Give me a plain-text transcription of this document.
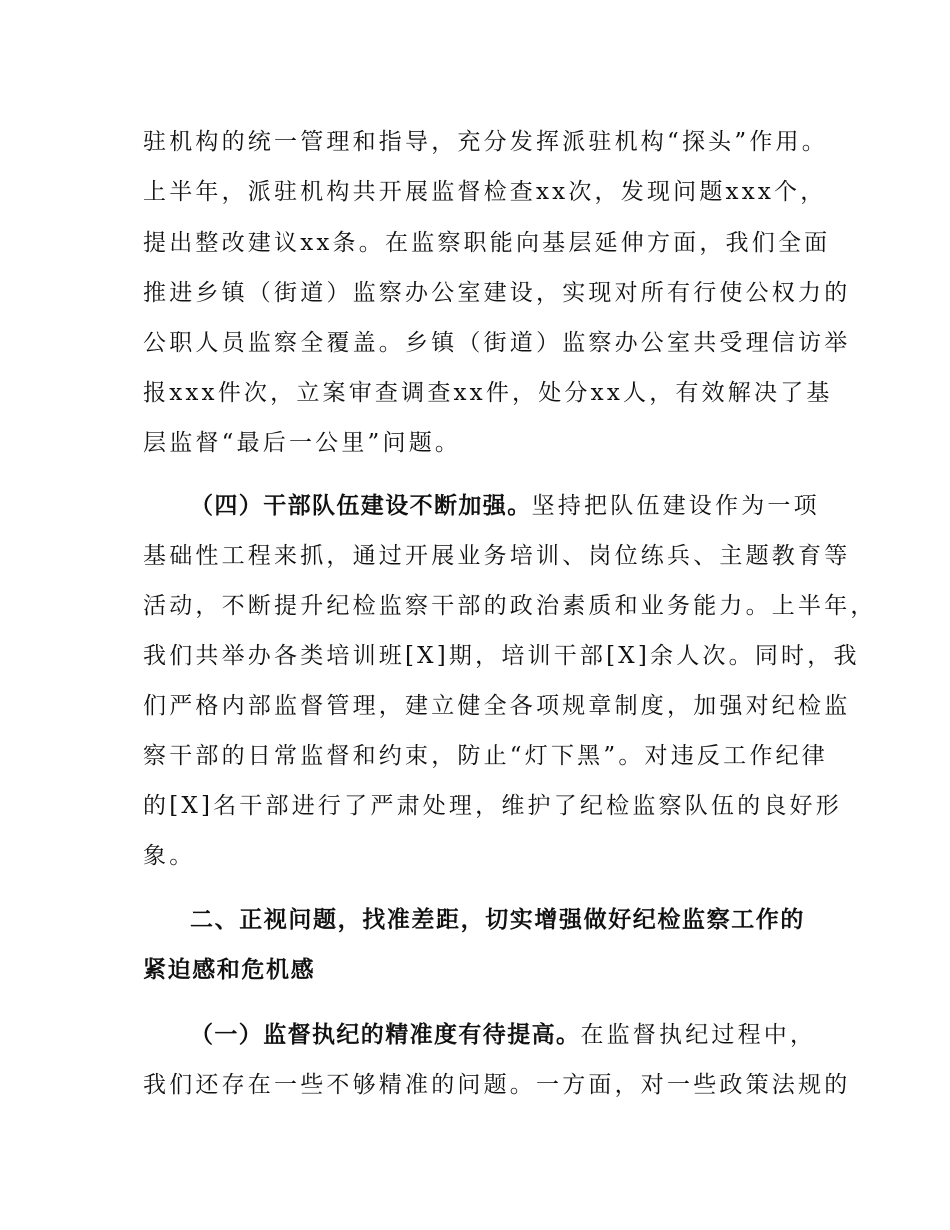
驻机构的统一管理和指导，充分发挥派驻机构“探头”作用。
上半年，派驻机构共开展监督检查xx次，发现问题xxx个，
提出整改建议xx条。在监察职能向基层延伸方面，我们全面
推进乡镇（街道）监察办公室建设，实现对所有行使公权力的
公职人员监察全覆盖。乡镇（街道）监察办公室共受理信访举
报xxx件次，立案审查调查xx件，处分xx人，有效解决了基
层监督“最后一公里”问题。
（四）干部队伍建设不断加强。坚持把队伍建设作为一项
基础性工程来抓，通过开展业务培训、岗位练兵、主题教育等
活动，不断提升纪检监察干部的政治素质和业务能力。上半年，
我们共举办各类培训班[X]期，培训干部[X]余人次。同时，我
们严格内部监督管理，建立健全各项规章制度，加强对纪检监
察干部的日常监督和约束，防止“灯下黑”。对违反工作纪律
的[X]名干部进行了严肃处理，维护了纪检监察队伍的良好形
象。
二、正视问题，找准差距，切实增强做好纪检监察工作的
紧迫感和危机感
（一）监督执纪的精准度有待提高。在监督执纪过程中，
我们还存在一些不够精准的问题。一方面，对一些政策法规的
